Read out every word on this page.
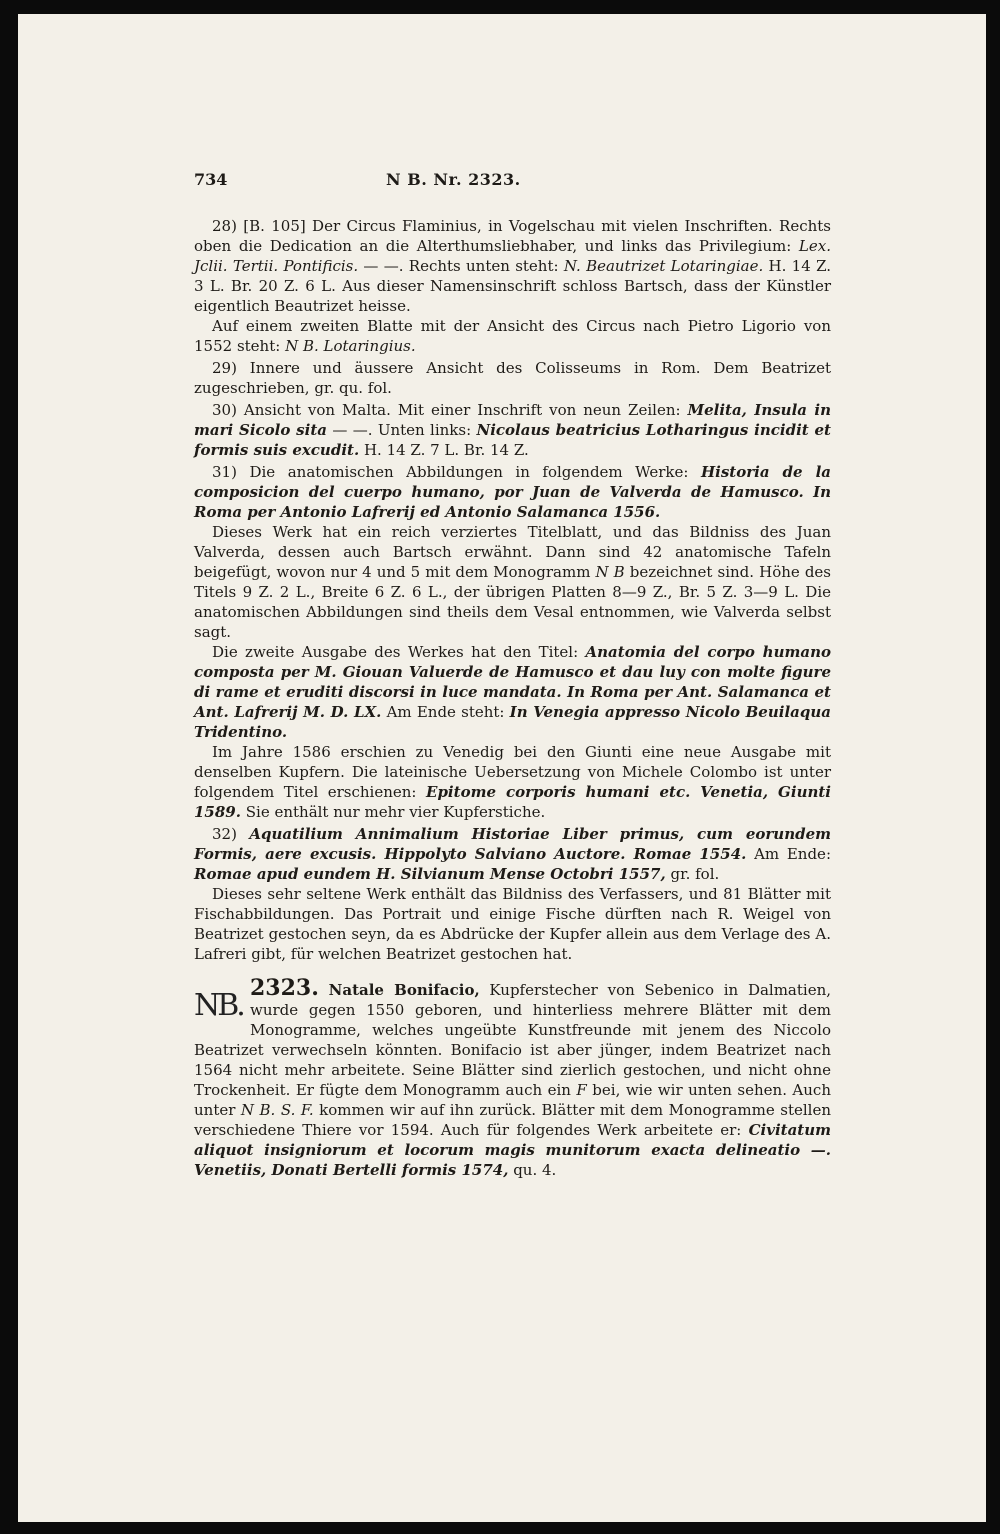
734	N B. Nr. 2323.

28) [B. 105] Der Circus Flaminius, in Vogelschau mit vielen Inschriften. Rechts oben die Dedication an die Alterthumsliebhaber, und links das Privilegium: Lex. Jclii. Tertii. Pontificis. — —. Rechts unten steht: N. Beautrizet Lotaringiae. H. 14 Z. 3 L. Br. 20 Z. 6 L. Aus dieser Namensinschrift schloss Bartsch, dass der Künstler eigentlich Beautrizet heisse.

Auf einem zweiten Blatte mit der Ansicht des Circus nach Pietro Ligorio von 1552 steht: N B. Lotaringius.

29) Innere und äussere Ansicht des Colisseums in Rom. Dem Beatrizet zugeschrieben, gr. qu. fol.

30) Ansicht von Malta. Mit einer Inschrift von neun Zeilen: Melita, Insula in mari Sicolo sita — —. Unten links: Nicolaus beatricius Lotharingus incidit et formis suis excudit. H. 14 Z. 7 L. Br. 14 Z.

31) Die anatomischen Abbildungen in folgendem Werke: Historia de la composicion del cuerpo humano, por Juan de Valverda de Hamusco. In Roma per Antonio Lafrerij ed Antonio Salamanca 1556.

Dieses Werk hat ein reich verziertes Titelblatt, und das Bildniss des Juan Valverda, dessen auch Bartsch erwähnt. Dann sind 42 anatomische Tafeln beigefügt, wovon nur 4 und 5 mit dem Monogramm N B bezeichnet sind. Höhe des Titels 9 Z. 2 L., Breite 6 Z. 6 L., der übrigen Platten 8—9 Z., Br. 5 Z. 3—9 L. Die anatomischen Abbildungen sind theils dem Vesal entnommen, wie Valverda selbst sagt.

Die zweite Ausgabe des Werkes hat den Titel: Anatomia del corpo humano composta per M. Giouan Valuerde de Hamusco et dau luy con molte figure di rame et eruditi discorsi in luce mandata. In Roma per Ant. Salamanca et Ant. Lafrerij M. D. LX. Am Ende steht: In Venegia appresso Nicolo Beuilaqua Tridentino.

Im Jahre 1586 erschien zu Venedig bei den Giunti eine neue Ausgabe mit denselben Kupfern. Die lateinische Uebersetzung von Michele Colombo ist unter folgendem Titel erschienen: Epitome corporis humani etc. Venetia, Giunti 1589. Sie enthält nur mehr vier Kupferstiche.

32) Aquatilium Annimalium Historiae Liber primus, cum eorundem Formis, aere excusis. Hippolyto Salviano Auctore. Romae 1554. Am Ende: Romae apud eundem H. Silvianum Mense Octobri 1557, gr. fol.

Dieses sehr seltene Werk enthält das Bildniss des Verfassers, und 81 Blätter mit Fischabbildungen. Das Portrait und einige Fische dürften nach R. Weigel von Beatrizet gestochen seyn, da es Abdrücke der Kupfer allein aus dem Verlage des A. Lafreri gibt, für welchen Beatrizet gestochen hat.

NB. 2323. Natale Bonifacio, Kupferstecher von Sebenico in Dalmatien, wurde gegen 1550 geboren, und hinterliess mehrere Blätter mit dem Monogramme, welches ungeübte Kunstfreunde mit jenem des Niccolo Beatrizet verwechseln könnten. Bonifacio ist aber jünger, indem Beatrizet nach 1564 nicht mehr arbeitete. Seine Blätter sind zierlich gestochen, und nicht ohne Trockenheit. Er fügte dem Monogramm auch ein F bei, wie wir unten sehen. Auch unter N B. S. F. kommen wir auf ihn zurück. Blätter mit dem Monogramme stellen verschiedene Thiere vor 1594. Auch für folgendes Werk arbeitete er: Civitatum aliquot insigniorum et locorum magis munitorum exacta delineatio —. Venetiis, Donati Bertelli formis 1574, qu. 4.
